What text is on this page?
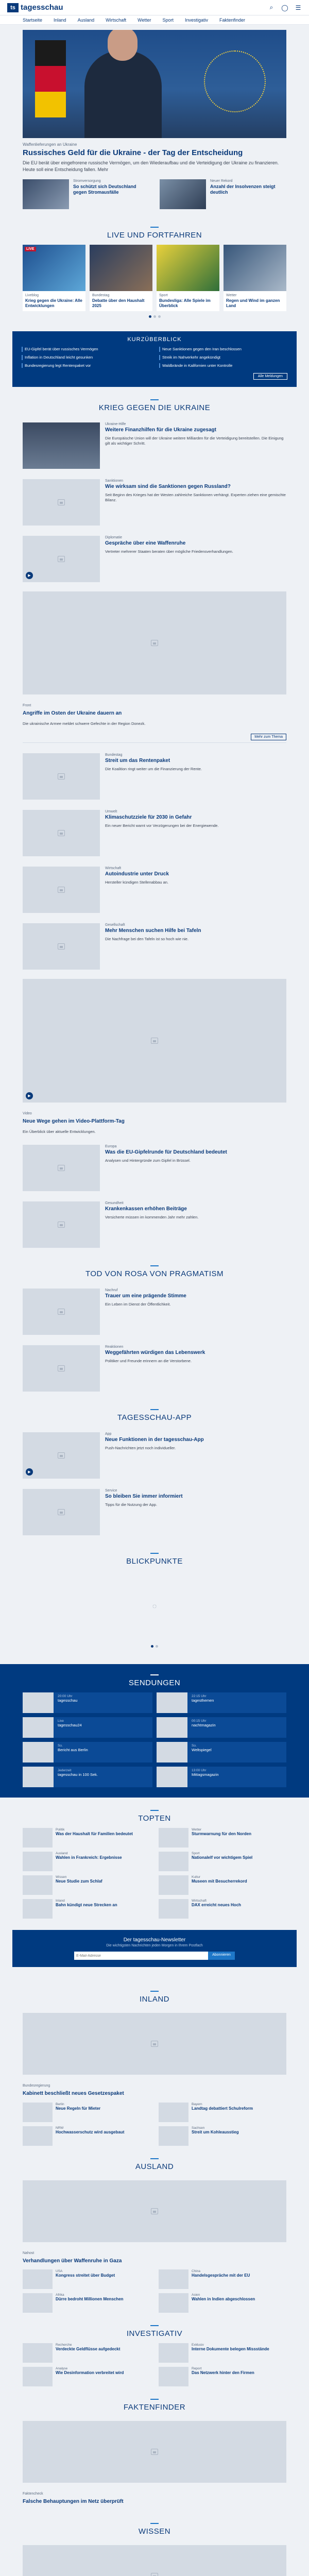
ts tagesschau	⌕	◯ ☰
Startseite Inland Ausland Wirtschaft Wetter Sport Investigativ Faktenfinder
Waffenlieferungen an Ukraine
Russisches Geld für die Ukraine - der Tag der Entscheidung
Die EU berät über eingefrorene russische Vermögen, um den Wiederaufbau und die Verteidigung der Ukraine zu finanzieren. Heute soll eine Entscheidung fallen. Mehr
Stromversorgung
So schützt sich Deutschland gegen Stromausfälle
Neuer Rekord
Anzahl der Insolvenzen steigt deutlich
LIVE UND FORTFAHREN
LIVE
Liveblog
Krieg gegen die Ukraine: Alle Entwicklungen
Bundestag
Debatte über den Haushalt 2025
Sport
Bundesliga: Alle Spiele im Überblick
Wetter
Regen und Wind im ganzen Land
KURZÜBERBLICK
EU-Gipfel berät über russisches Vermögen	Neue Sanktionen gegen den Iran beschlossen
Inflation in Deutschland leicht gesunken	Streik im Nahverkehr angekündigt
Bundesregierung legt Rentenpaket vor	Waldbrände in Kalifornien unter Kontrolle
Alle Meldungen
KRIEG GEGEN DIE UKRAINE
Ukraine-Hilfe
Weitere Finanzhilfen für die Ukraine zugesagt
Die Europäische Union will der Ukraine weitere Milliarden für die Verteidigung bereitstellen. Die Einigung gilt als wichtiger Schritt.
Sanktionen
Wie wirksam sind die Sanktionen gegen Russland?
Seit Beginn des Krieges hat der Westen zahlreiche Sanktionen verhängt. Experten ziehen eine gemischte Bilanz.
▶
Diplomatie
Gespräche über eine Waffenruhe
Vertreter mehrerer Staaten beraten über mögliche Friedensverhandlungen.
Front
Angriffe im Osten der Ukraine dauern an
Die ukrainische Armee meldet schwere Gefechte in der Region Donezk.
Mehr zum Thema
Bundestag
Streit um das Rentenpaket
Die Koalition ringt weiter um die Finanzierung der Rente.
Umwelt
Klimaschutzziele für 2030 in Gefahr
Ein neuer Bericht warnt vor Verzögerungen bei der Energiewende.
Wirtschaft
Autoindustrie unter Druck
Hersteller kündigen Stellenabbau an.
Gesellschaft
Mehr Menschen suchen Hilfe bei Tafeln
Die Nachfrage bei den Tafeln ist so hoch wie nie.
▶
Video
Neue Wege gehen im Video-Plattform-Tag
Ein Überblick über aktuelle Entwicklungen.
Europa
Was die EU-Gipfelrunde für Deutschland bedeutet
Analysen und Hintergründe zum Gipfel in Brüssel.
Gesundheit
Krankenkassen erhöhen Beiträge
Versicherte müssen im kommenden Jahr mehr zahlen.
TOD VON ROSA VON PRAGMATISM
Nachruf
Trauer um eine prägende Stimme
Ein Leben im Dienst der Öffentlichkeit.
Reaktionen
Weggefährten würdigen das Lebenswerk
Politiker und Freunde erinnern an die Verstorbene.
TAGESSCHAU-APP
▶
App
Neue Funktionen in der tagesschau-App
Push-Nachrichten jetzt noch individueller.
Service
So bleiben Sie immer informiert
Tipps für die Nutzung der App.
BLICKPUNKTE
◌
SENDUNGEN
20:00 Uhr
tagesschau
22:15 Uhr
tagesthemen
Live
tagesschau24
00:15 Uhr
nachtmagazin
So.
Bericht aus Berlin
So.
Weltspiegel
Jederzeit
tagesschau in 100 Sek.
13:00 Uhr
Mittagsmagazin
TOPTEN
Politik
Was der Haushalt für Familien bedeutet
Wetter
Sturmwarnung für den Norden
Ausland
Wahlen in Frankreich: Ergebnisse
Sport
Nationalelf vor wichtigem Spiel
Wissen
Neue Studie zum Schlaf
Kultur
Museen mit Besucherrekord
Inland
Bahn kündigt neue Strecken an
Wirtschaft
DAX erreicht neues Hoch
Der tagesschau-Newsletter
Die wichtigsten Nachrichten jeden Morgen in Ihrem Postfach
E-Mail-Adresse
Abonnieren
INLAND
Bundesregierung
Kabinett beschließt neues Gesetzespaket
Berlin
Neue Regeln für Mieter
Bayern
Landtag debattiert Schulreform
NRW
Hochwasserschutz wird ausgebaut
Sachsen
Streit um Kohleausstieg
AUSLAND
Nahost
Verhandlungen über Waffenruhe in Gaza
USA
Kongress streitet über Budget
China
Handelsgespräche mit der EU
Afrika
Dürre bedroht Millionen Menschen
Asien
Wahlen in Indien abgeschlossen
INVESTIGATIV
Recherche
Verdeckte Geldflüsse aufgedeckt
Exklusiv
Interne Dokumente belegen Missstände
Analyse
Wie Desinformation verbreitet wird
Report
Das Netzwerk hinter den Firmen
FAKTENFINDER
Faktencheck
Falsche Behauptungen im Netz überprüft
WISSEN
